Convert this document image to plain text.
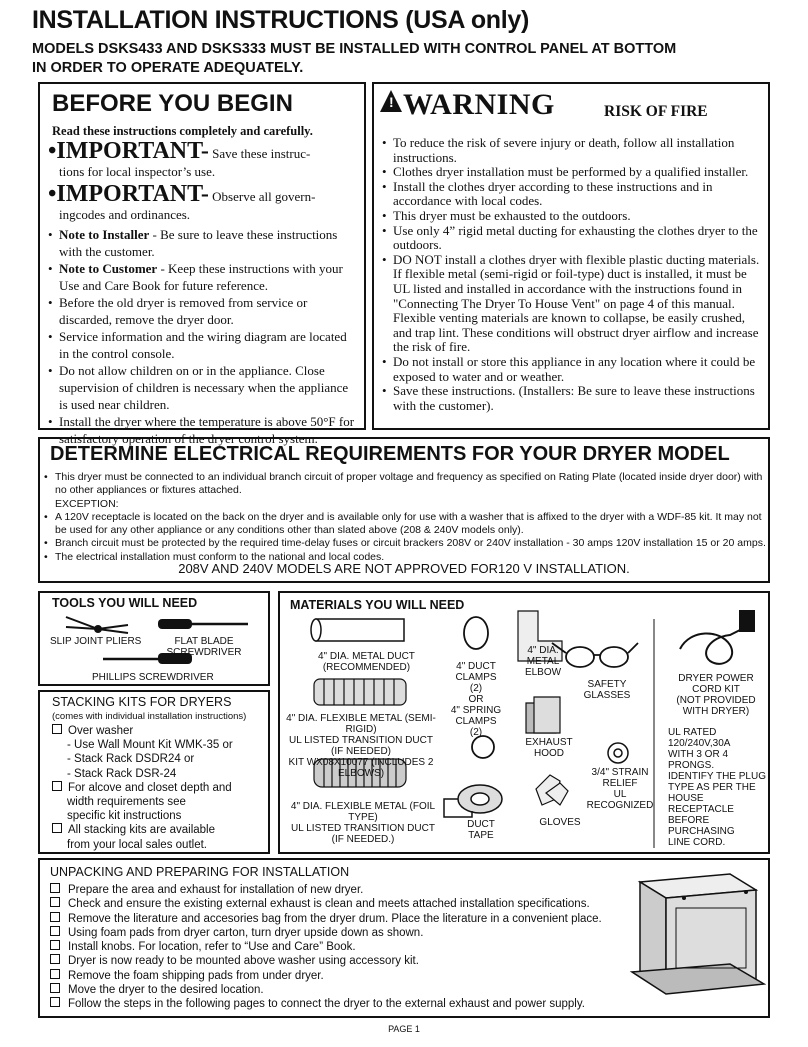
INSTALLATION INSTRUCTIONS (USA only)
MODELS DSKS433 AND DSKS333 MUST BE INSTALLED WITH CONTROL PANEL AT BOTTOM
IN ORDER TO OPERATE ADEQUATELY.
BEFORE YOU BEGIN
Read these instructions completely and carefully.
•IMPORTANT- Save these instruc-
tions for local inspector’s use.
•IMPORTANT- Observe all govern-
ingcodes and ordinances.
• Note to Installer - Be sure to leave these instructions with the customer.
• Note to Customer - Keep these instructions with your Use and Care Book for future reference.
• Before the old dryer is removed from service or discarded, remove the dryer door.
• Service information and the wiring diagram are located in the control console.
• Do not allow children on or in the appliance. Close supervision of children is necessary when the appliance is used near children.
• Install the dryer where the temperature is above 50°F for satisfactory operation of the dryer control system.
! WARNING	RISK OF FIRE
• To reduce the risk of severe injury or death, follow all installation instructions.
• Clothes dryer installation must be performed by a qualified installer.
• Install the clothes dryer according to these instructions and in accordance with local codes.
• This dryer must be exhausted to the outdoors.
• Use only 4” rigid metal ducting for exhausting the clothes dryer to the outdoors.
• DO NOT install a clothes dryer with flexible plastic ducting materials. If flexible metal (semi-rigid or foil-type) duct is installed, it must be UL listed and installed in accordance with the instructions found in "Connecting The Dryer To House Vent" on page 4 of this manual. Flexible venting materials are known to collapse, be easily crushed, and trap lint. These conditions will obstruct dryer airflow and increase the risk of fire.
• Do not install or store this appliance in any location where it could be exposed to water and or weather.
• Save these instructions. (Installers: Be sure to leave these instructions with the customer).
DETERMINE ELECTRICAL REQUIREMENTS FOR YOUR DRYER MODEL
• This dryer must be connected to an individual branch circuit of proper voltage and frequency as specified on Rating Plate (located inside dryer door) with no other appliances or fixtures attached.
EXCEPTION:
• A 120V receptacle is located on the back on the dryer and is available only for use with a washer that is affixed to the dryer with a WDF-85 kit. It may not be used for any other appliance or any conditions other than slated above (208 & 240V models only).
• Branch circuit must be protected by the required time-delay fuses or circuit brackers 208V or 240V installation - 30 amps 120V installation 15 or 20 amps.
• The electrical installation must conform to the national and local codes.
208V AND 240V MODELS ARE NOT APPROVED FOR120 V INSTALLATION.
TOOLS YOU WILL NEED
SLIP JOINT PLIERS	FLAT BLADE SCREWDRIVER
PHILLIPS SCREWDRIVER
STACKING KITS FOR DRYERS
(comes with individual installation instructions)
Over washer
- Use Wall Mount Kit WMK-35 or
- Stack Rack DSDR24 or
- Stack Rack DSR-24
For alcove and closet depth and
width requirements see
specific kit instructions
All stacking kits are available
from your local sales outlet.
MATERIALS YOU WILL NEED
4" DIA. METAL DUCT
(RECOMMENDED)
4" DIA. FLEXIBLE METAL (SEMI-RIGID)
UL LISTED TRANSITION DUCT
(IF NEEDED)
KIT WX08X10077 (INCLUDES 2 ELBOWS)
4" DIA. FLEXIBLE METAL (FOIL TYPE)
UL LISTED TRANSITION DUCT
(IF NEEDED.)
4" DUCT
CLAMPS (2)
OR
4" SPRING
CLAMPS (2)
4" DIA. METAL
ELBOW
SAFETY
GLASSES
EXHAUST
HOOD
3/4" STRAIN
RELIEF
UL RECOGNIZED
DUCT TAPE
GLOVES
DRYER POWER
CORD KIT
(NOT PROVIDED
WITH DRYER)
UL RATED
120/240V,30A
WITH 3 OR 4 PRONGS.
IDENTIFY THE PLUG
TYPE AS PER THE
HOUSE RECEPTACLE
BEFORE PURCHASING
LINE CORD.
UNPACKING AND PREPARING FOR INSTALLATION
Prepare the area and exhaust for installation of new dryer.
Check and ensure the existing external exhaust is clean and meets attached installation specifications.
Remove the literature and accesories bag from the dryer drum. Place the literature in a convenient place.
Using foam pads from dryer carton, turn dryer upside down as shown.
Install knobs. For location, refer to “Use and Care” Book.
Dryer is now ready to be mounted above washer using accessory kit.
Remove the foam shipping pads from under dryer.
Move the dryer to the desired location.
Follow the steps in the following pages to connect the dryer to the external exhaust and power supply.
PAGE 1
